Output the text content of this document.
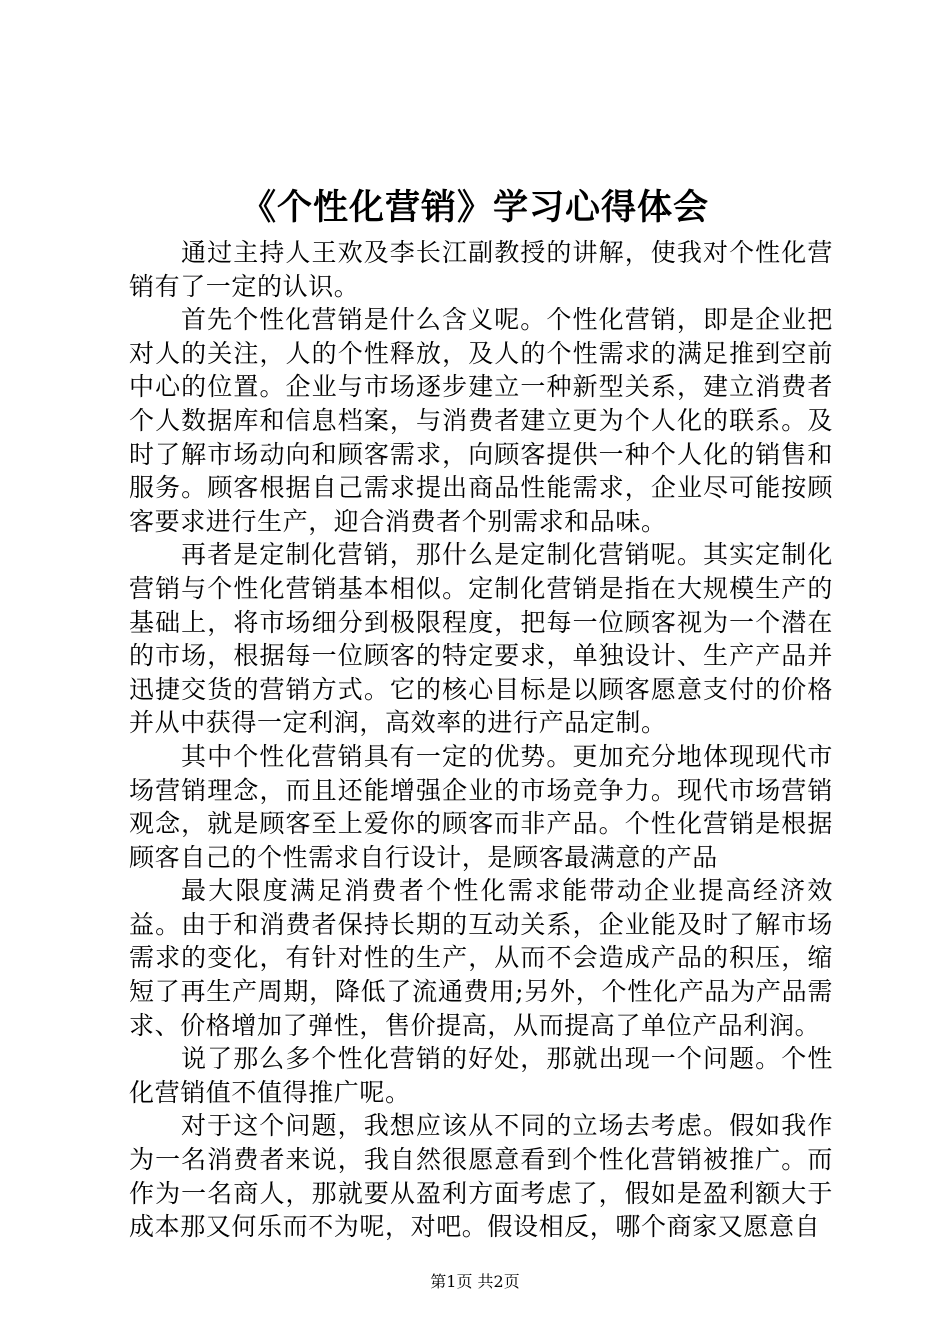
《个性化营销》学习心得体会

通过主持人王欢及李长江副教授的讲解，使我对个性化营销有了一定的认识。

首先个性化营销是什么含义呢。个性化营销，即是企业把对人的关注，人的个性释放，及人的个性需求的满足推到空前中心的位置。企业与市场逐步建立一种新型关系，建立消费者个人数据库和信息档案，与消费者建立更为个人化的联系。及时了解市场动向和顾客需求，向顾客提供一种个人化的销售和服务。顾客根据自己需求提出商品性能需求，企业尽可能按顾客要求进行生产，迎合消费者个别需求和品味。

再者是定制化营销，那什么是定制化营销呢。其实定制化营销与个性化营销基本相似。定制化营销是指在大规模生产的基础上，将市场细分到极限程度，把每一位顾客视为一个潜在的市场，根据每一位顾客的特定要求，单独设计、生产产品并迅捷交货的营销方式。它的核心目标是以顾客愿意支付的价格并从中获得一定利润，高效率的进行产品定制。

其中个性化营销具有一定的优势。更加充分地体现现代市场营销理念，而且还能增强企业的市场竞争力。现代市场营销观念，就是顾客至上爱你的顾客而非产品。个性化营销是根据顾客自己的个性需求自行设计，是顾客最满意的产品

最大限度满足消费者个性化需求能带动企业提高经济效益。由于和消费者保持长期的互动关系，企业能及时了解市场需求的变化，有针对性的生产，从而不会造成产品的积压，缩短了再生产周期，降低了流通费用;另外，个性化产品为产品需求、价格增加了弹性，售价提高，从而提高了单位产品利润。

说了那么多个性化营销的好处，那就出现一个问题。个性化营销值不值得推广呢。

对于这个问题，我想应该从不同的立场去考虑。假如我作为一名消费者来说，我自然很愿意看到个性化营销被推广。而作为一名商人，那就要从盈利方面考虑了，假如是盈利额大于成本那又何乐而不为呢，对吧。假设相反，哪个商家又愿意自

第1页 共2页
